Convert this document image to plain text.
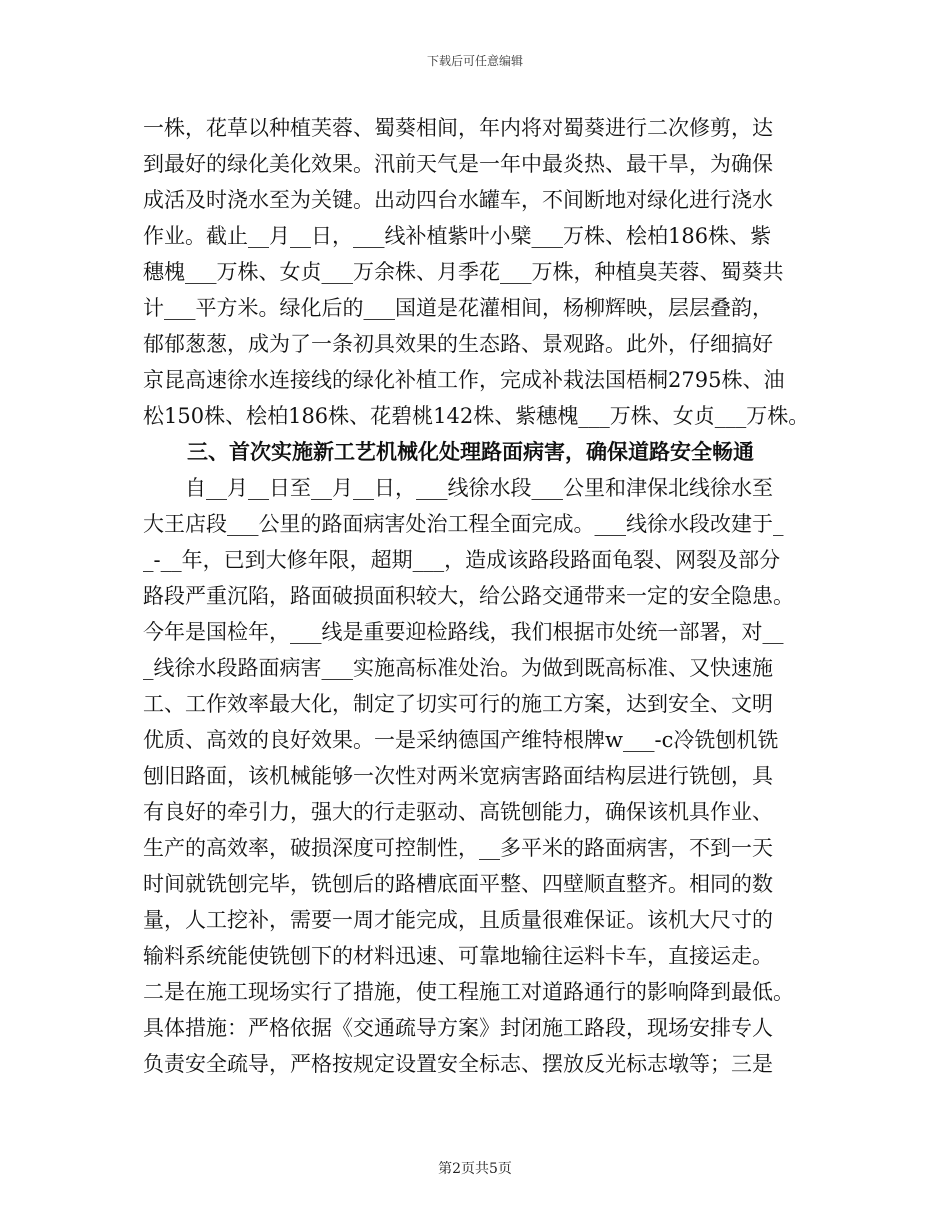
下载后可任意编辑
一株，花草以种植芙蓉、蜀葵相间，年内将对蜀葵进行二次修剪，达
到最好的绿化美化效果。汛前天气是一年中最炎热、最干旱，为确保
成活及时浇水至为关键。出动四台水罐车，不间断地对绿化进行浇水
作业。截止__月__日，___线补植紫叶小檗___万株、桧柏186株、紫
穗槐___万株、女贞___万余株、月季花___万株，种植臭芙蓉、蜀葵共
计___平方米。绿化后的___国道是花灌相间，杨柳辉映，层层叠韵，
郁郁葱葱，成为了一条初具效果的生态路、景观路。此外，仔细搞好
京昆高速徐水连接线的绿化补植工作，完成补栽法国梧桐2795株、油
松150株、桧柏186株、花碧桃142株、紫穗槐___万株、女贞___万株。
三、首次实施新工艺机械化处理路面病害，确保道路安全畅通
自__月__日至__月__日，___线徐水段___公里和津保北线徐水至
大王店段___公里的路面病害处治工程全面完成。___线徐水段改建于_
_-__年，已到大修年限，超期___，造成该路段路面龟裂、网裂及部分
路段严重沉陷，路面破损面积较大，给公路交通带来一定的安全隐患。
今年是国检年，___线是重要迎检路线，我们根据市处统一部署，对__
_线徐水段路面病害___实施高标准处治。为做到既高标准、又快速施
工、工作效率最大化，制定了切实可行的施工方案，达到安全、文明
优质、高效的良好效果。一是采纳德国产维特根牌w___-c冷铣刨机铣
刨旧路面，该机械能够一次性对两米宽病害路面结构层进行铣刨，具
有良好的牵引力，强大的行走驱动、高铣刨能力，确保该机具作业、
生产的高效率，破损深度可控制性，__多平米的路面病害，不到一天
时间就铣刨完毕，铣刨后的路槽底面平整、四壁顺直整齐。相同的数
量，人工挖补，需要一周才能完成，且质量很难保证。该机大尺寸的
输料系统能使铣刨下的材料迅速、可靠地输往运料卡车，直接运走。
二是在施工现场实行了措施，使工程施工对道路通行的影响降到最低。
具体措施：严格依据《交通疏导方案》封闭施工路段，现场安排专人
负责安全疏导，严格按规定设置安全标志、摆放反光标志墩等；三是
第2页共5页
